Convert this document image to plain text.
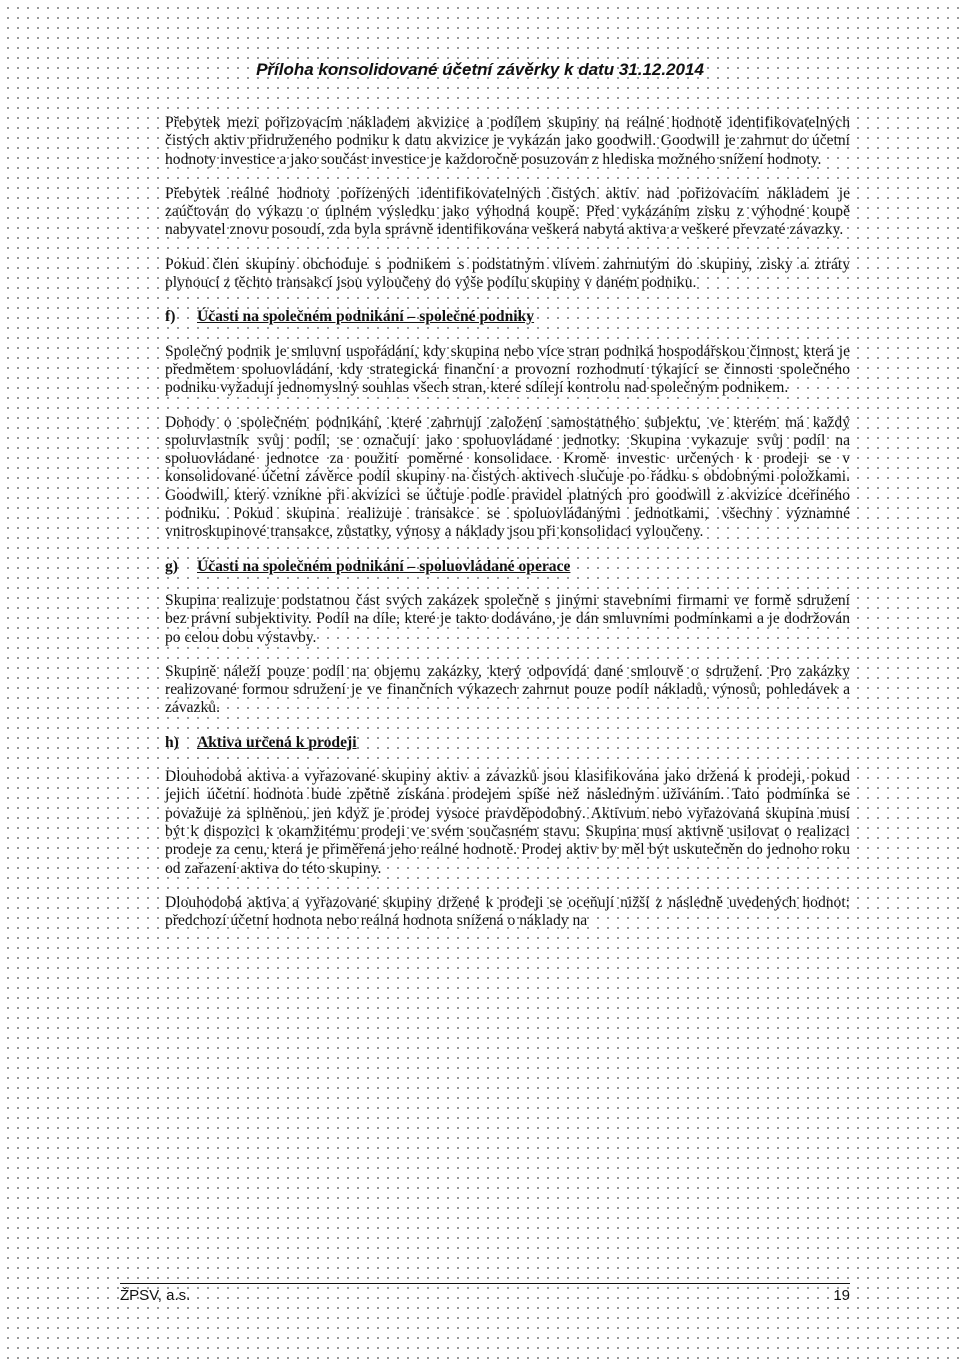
Příloha konsolidované účetní závěrky k datu 31.12.2014

Přebytek mezi pořizovacím nákladem akvizice a podílem skupiny na reálné hodnotě identifikovatelných čistých aktiv přidruženého podniku k datu akvizice je vykázán jako goodwill. Goodwill je zahrnut do účetní hodnoty investice a jako součást investice je každoročně posuzován z hlediska možného snížení hodnoty.

Přebytek reálné hodnoty pořízených identifikovatelných čistých aktiv nad pořizovacím nákladem je zaúčtován do výkazu o úplném výsledku jako výhodná koupě. Před vykázáním zisku z výhodné koupě nabyvatel znovu posoudí, zda byla správně identifikována veškerá nabytá aktiva a veškeré převzaté závazky.

Pokud člen skupiny obchoduje s podnikem s podstatným vlivem zahrnutým do skupiny, zisky a ztráty plynoucí z těchto transakcí jsou vyloučeny do výše podílu skupiny v daném podniku.

f) Účasti na společném podnikání – společné podniky

Společný podnik je smluvní uspořádání, kdy skupina nebo více stran podniká hospodářskou činnost, která je předmětem spoluovládání, kdy strategická finanční a provozní rozhodnutí týkající se činnosti společného podniku vyžadují jednomyslný souhlas všech stran, které sdílejí kontrolu nad společným podnikem.

Dohody o společném podnikání, které zahrnují založení samostatného subjektu, ve kterém má každý spoluvlastník svůj podíl, se označují jako spoluovládané jednotky. Skupina vykazuje svůj podíl na spoluovládané jednotce za použití poměrné konsolidace. Kromě investic určených k prodeji se v konsolidované účetní závěrce podíl skupiny na čistých aktivech slučuje po řádku s obdobnými položkami. Goodwill, který vznikne při akvizici se účtuje podle pravidel platných pro goodwill z akvizice dceřiného podniku. Pokud skupina realizuje transakce se spoluovládanými jednotkami, všechny významné vnitroskupinové transakce, zůstatky, výnosy a náklady jsou při konsolidaci vyloučeny.

g) Účasti na společném podnikání – spoluovládané operace

Skupina realizuje podstatnou část svých zakázek společně s jinými stavebními firmami ve formě sdružení bez právní subjektivity. Podíl na díle, které je takto dodáváno, je dán smluvními podmínkami a je dodržován po celou dobu výstavby.

Skupině náleží pouze podíl na objemu zakázky, který odpovídá dané smlouvě o sdružení. Pro zakázky realizované formou sdružení je ve finančních výkazech zahrnut pouze podíl nákladů, výnosů, pohledávek a závazků.

h) Aktiva určená k prodeji

Dlouhodobá aktiva a vyřazované skupiny aktiv a závazků jsou klasifikována jako držená k prodeji, pokud jejich účetní hodnota bude zpětně získána prodejem spíše než následným užíváním. Tato podmínka se považuje za splněnou, jen když je prodej vysoce pravděpodobný. Aktivum nebo vyřazovaná skupina musí být k dispozici k okamžitému prodeji ve svém současném stavu. Skupina musí aktivně usilovat o realizaci prodeje za cenu, která je přiměřená jeho reálné hodnotě. Prodej aktiv by měl být uskutečněn do jednoho roku od zařazení aktiva do této skupiny.

Dlouhodobá aktiva a vyřazované skupiny držené k prodeji se oceňují nižší z následně uvedených hodnot: předchozí účetní hodnota nebo reálná hodnota snížená o náklady na

ŽPSV, a.s.	19
